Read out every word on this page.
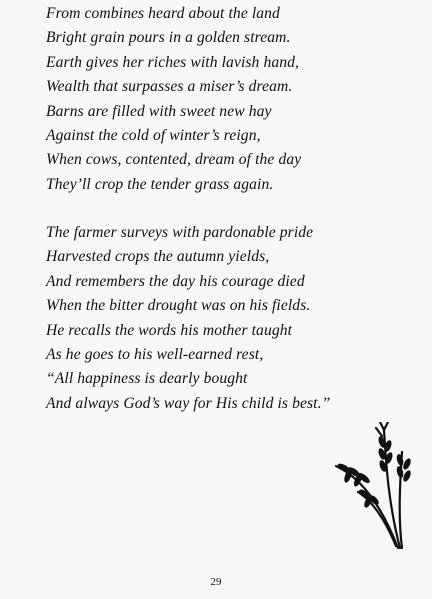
From combines heard about the land
Bright grain pours in a golden stream.
Earth gives her riches with lavish hand,
Wealth that surpasses a miser’s dream.
Barns are filled with sweet new hay
Against the cold of winter’s reign,
When cows, contented, dream of the day
They’ll crop the tender grass again.
The farmer surveys with pardonable pride
Harvested crops the autumn yields,
And remembers the day his courage died
When the bitter drought was on his fields.
He recalls the words his mother taught
As he goes to his well-earned rest,
“All happiness is dearly bought
And always God’s way for His child is best.”
29
